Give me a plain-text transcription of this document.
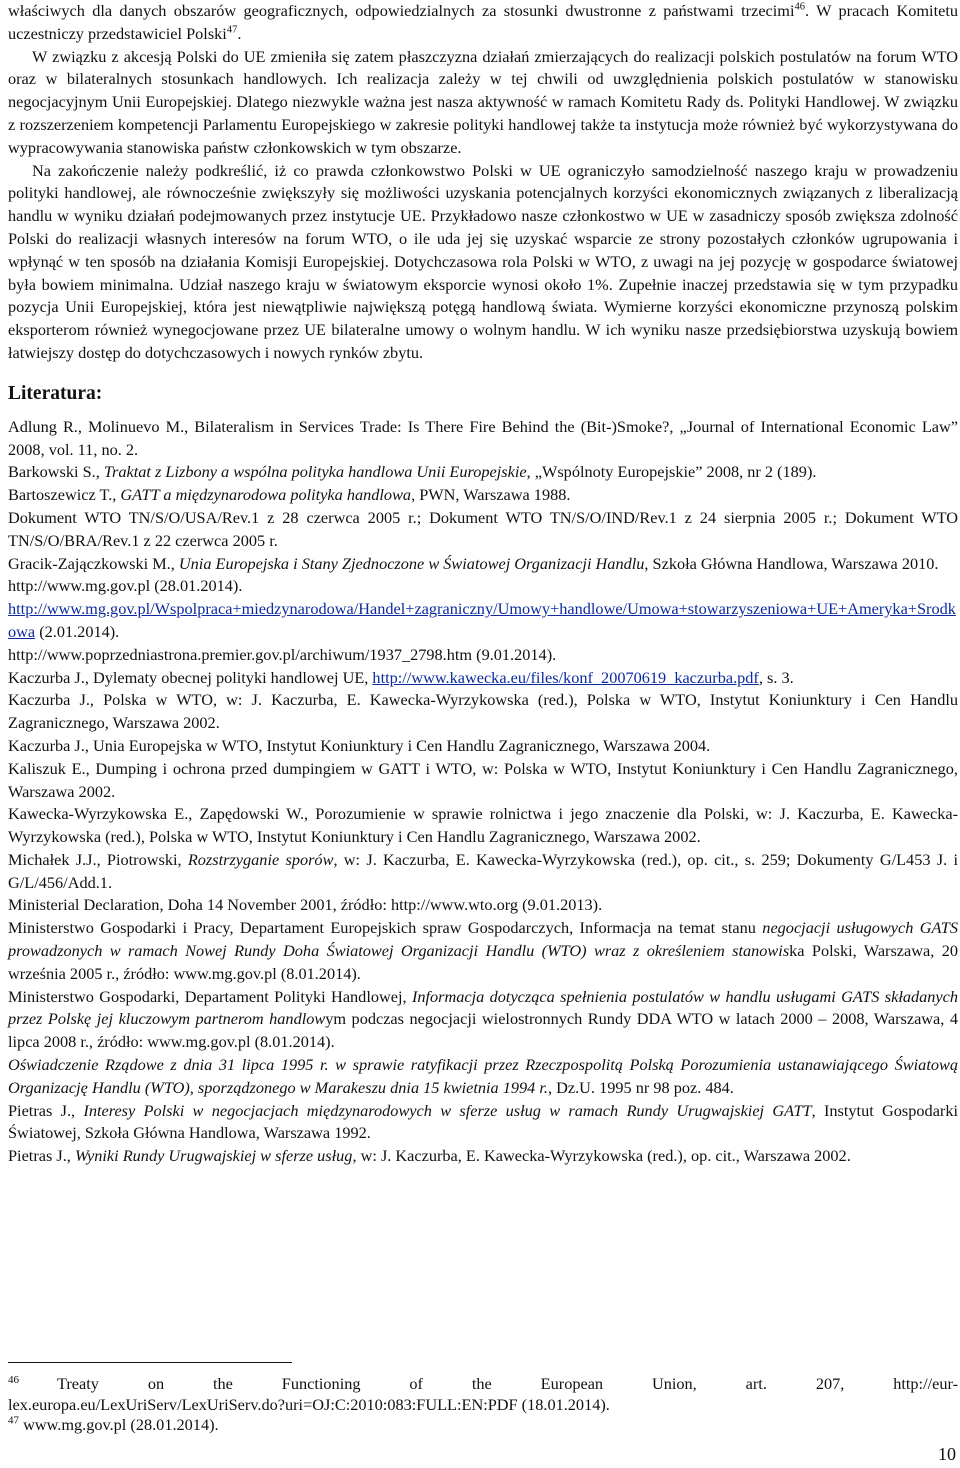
właściwych dla danych obszarów geograficznych, odpowiedzialnych za stosunki dwustronne z państwami trzecimi$^{46}$. W pracach Komitetu uczestniczy przedstawiciel Polski$^{47}$.

W związku z akcesją Polski do UE zmieniła się zatem płaszczyzna działań zmierzających do realizacji polskich postulatów na forum WTO oraz w bilateralnych stosunkach handlowych. Ich realizacja zależy w tej chwili od uwzględnienia polskich postulatów w stanowisku negocjacyjnym Unii Europejskiej. Dlatego niezwykle ważna jest nasza aktywność w ramach Komitetu Rady ds. Polityki Handlowej. W związku z rozszerzeniem kompetencji Parlamentu Europejskiego w zakresie polityki handlowej także ta instytucja może również być wykorzystywana do wypracowywania stanowiska państw członkowskich w tym obszarze.

Na zakończenie należy podkreślić, iż co prawda członkowstwo Polski w UE ograniczyło samodzielność naszego kraju w prowadzeniu polityki handlowej, ale równocześnie zwiększyły się możliwości uzyskania potencjalnych korzyści ekonomicznych związanych z liberalizacją handlu w wyniku działań podejmowanych przez instytucje UE. Przykładowo nasze członkostwo w UE w zasadniczy sposób zwiększa zdolność Polski do realizacji własnych interesów na forum WTO, o ile uda jej się uzyskać wsparcie ze strony pozostałych członków ugrupowania i wpłynąć w ten sposób na działania Komisji Europejskiej. Dotychczasowa rola Polski w WTO, z uwagi na jej pozycję w gospodarce światowej była bowiem minimalna. Udział naszego kraju w światowym eksporcie wynosi około 1%. Zupełnie inaczej przedstawia się w tym przypadku pozycja Unii Europejskiej, która jest niewątpliwie największą potęgą handlową świata. Wymierne korzyści ekonomiczne przynoszą polskim eksporterom również wynegocjowane przez UE bilateralne umowy o wolnym handlu. W ich wyniku nasze przedsiębiorstwa uzyskują bowiem łatwiejszy dostęp do dotychczasowych i nowych rynków zbytu.

Literatura:

Adlung R., Molinuevo M., Bilateralism in Services Trade: Is There Fire Behind the (Bit-)Smoke?, „Journal of International Economic Law” 2008, vol. 11, no. 2.

Barkowski S., Traktat z Lizbony a wspólna polityka handlowa Unii Europejskie, „Wspólnoty Europejskie” 2008, nr 2 (189).

Bartoszewicz T., GATT a międzynarodowa polityka handlowa, PWN, Warszawa 1988.

Dokument WTO TN/S/O/USA/Rev.1 z 28 czerwca 2005 r.; Dokument WTO TN/S/O/IND/Rev.1 z 24 sierpnia 2005 r.; Dokument WTO TN/S/O/BRA/Rev.1 z 22 czerwca 2005 r.

Gracik-Zajączkowski M., Unia Europejska i Stany Zjednoczone w Światowej Organizacji Handlu, Szkoła Główna Handlowa, Warszawa 2010.

http://www.mg.gov.pl (28.01.2014).

http://www.mg.gov.pl/Wspolpraca+miedzynarodowa/Handel+zagraniczny/Umowy+handlowe/Umowa+stowarzyszeniowa+UE+Ameryka+Srodkowa (2.01.2014).

http://www.poprzedniastrona.premier.gov.pl/archiwum/1937_2798.htm (9.01.2014).

Kaczurba J., Dylematy obecnej polityki handlowej UE, http://www.kawecka.eu/files/konf_20070619_kaczurba.pdf, s. 3.

Kaczurba J., Polska w WTO, w: J. Kaczurba, E. Kawecka-Wyrzykowska (red.), Polska w WTO, Instytut Koniunktury i Cen Handlu Zagranicznego, Warszawa 2002.

Kaczurba J., Unia Europejska w WTO, Instytut Koniunktury i Cen Handlu Zagranicznego, Warszawa 2004.

Kaliszuk E., Dumping i ochrona przed dumpingiem w GATT i WTO, w: Polska w WTO, Instytut Koniunktury i Cen Handlu Zagranicznego, Warszawa 2002.

Kawecka-Wyrzykowska E., Zapędowski W., Porozumienie w sprawie rolnictwa i jego znaczenie dla Polski, w: J. Kaczurba, E. Kawecka-Wyrzykowska (red.), Polska w WTO, Instytut Koniunktury i Cen Handlu Zagranicznego, Warszawa 2002.

Michałek J.J., Piotrowski, Rozstrzyganie sporów, w: J. Kaczurba, E. Kawecka-Wyrzykowska (red.), op. cit., s. 259; Dokumenty G/L453 J. i G/L/456/Add.1.

Ministerial Declaration, Doha 14 November 2001, źródło: http://www.wto.org (9.01.2013).

Ministerstwo Gospodarki i Pracy, Departament Europejskich spraw Gospodarczych, Informacja na temat stanu negocjacji usługowych GATS prowadzonych w ramach Nowej Rundy Doha Światowej Organizacji Handlu (WTO) wraz z określeniem stanowiska Polski, Warszawa, 20 września 2005 r., źródło: www.mg.gov.pl (8.01.2014).

Ministerstwo Gospodarki, Departament Polityki Handlowej, Informacja dotycząca spełnienia postulatów w handlu usługami GATS składanych przez Polskę jej kluczowym partnerom handlowym podczas negocjacji wielostronnych Rundy DDA WTO w latach 2000 – 2008, Warszawa, 4 lipca 2008 r., źródło: www.mg.gov.pl (8.01.2014).

Oświadczenie Rządowe z dnia 31 lipca 1995 r. w sprawie ratyfikacji przez Rzeczpospolitą Polską Porozumienia ustanawiającego Światową Organizację Handlu (WTO), sporządzonego w Marakeszu dnia 15 kwietnia 1994 r., Dz.U. 1995 nr 98 poz. 484.

Pietras J., Interesy Polski w negocjacjach międzynarodowych w sferze usług w ramach Rundy Urugwajskiej GATT, Instytut Gospodarki Światowej, Szkoła Główna Handlowa, Warszawa 1992.

Pietras J., Wyniki Rundy Urugwajskiej w sferze usług, w: J. Kaczurba, E. Kawecka-Wyrzykowska (red.), op. cit., Warszawa 2002.

$^{46}$ Treaty on the Functioning of the European Union, art. 207, http://eur-
lex.europa.eu/LexUriServ/LexUriServ.do?uri=OJ:C:2010:083:FULL:EN:PDF (18.01.2014).
$^{47}$ www.mg.gov.pl (28.01.2014).
10
